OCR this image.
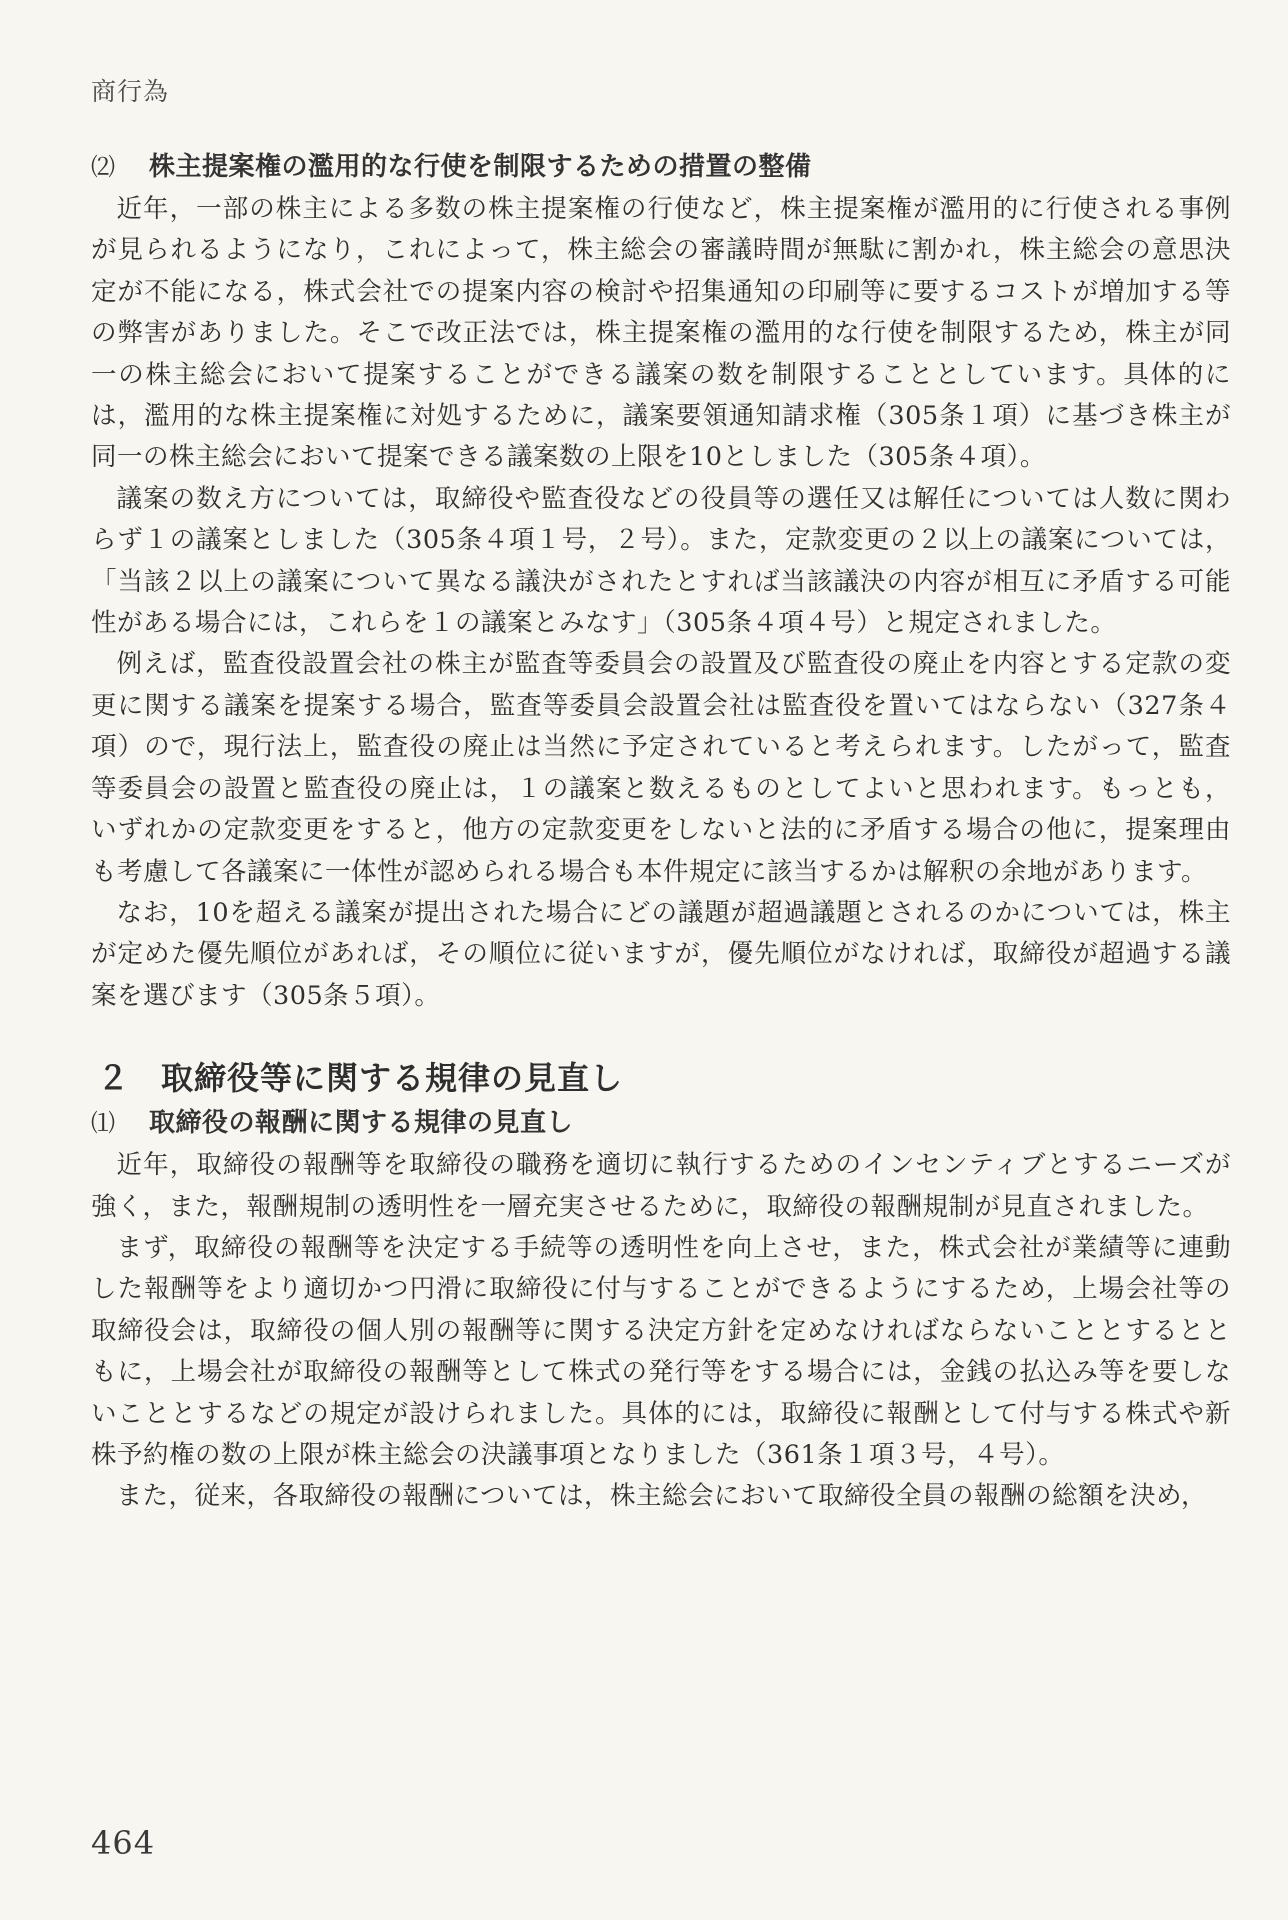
商行為
⑵ 株主提案権の濫用的な行使を制限するための措置の整備

近年，一部の株主による多数の株主提案権の行使など，株主提案権が濫用的に行使される事例が見られるようになり，これによって，株主総会の審議時間が無駄に割かれ，株主総会の意思決定が不能になる，株式会社での提案内容の検討や招集通知の印刷等に要するコストが増加する等の弊害がありました。そこで改正法では，株主提案権の濫用的な行使を制限するため，株主が同一の株主総会において提案することができる議案の数を制限することとしています。具体的には，濫用的な株主提案権に対処するために，議案要領通知請求権（305条１項）に基づき株主が同一の株主総会において提案できる議案数の上限を10としました（305条４項）。

議案の数え方については，取締役や監査役などの役員等の選任又は解任については人数に関わらず１の議案としました（305条４項１号，２号）。また，定款変更の２以上の議案については，「当該２以上の議案について異なる議決がされたとすれば当該議決の内容が相互に矛盾する可能性がある場合には，これらを１の議案とみなす」（305条４項４号）と規定されました。

例えば，監査役設置会社の株主が監査等委員会の設置及び監査役の廃止を内容とする定款の変更に関する議案を提案する場合，監査等委員会設置会社は監査役を置いてはならない（327条４項）ので，現行法上，監査役の廃止は当然に予定されていると考えられます。したがって，監査等委員会の設置と監査役の廃止は，１の議案と数えるものとしてよいと思われます。もっとも，いずれかの定款変更をすると，他方の定款変更をしないと法的に矛盾する場合の他に，提案理由も考慮して各議案に一体性が認められる場合も本件規定に該当するかは解釈の余地があります。

なお，10を超える議案が提出された場合にどの議題が超過議題とされるのかについては，株主が定めた優先順位があれば，その順位に従いますが，優先順位がなければ，取締役が超過する議案を選びます（305条５項）。

２ 取締役等に関する規律の見直し
⑴ 取締役の報酬に関する規律の見直し

近年，取締役の報酬等を取締役の職務を適切に執行するためのインセンティブとするニーズが強く，また，報酬規制の透明性を一層充実させるために，取締役の報酬規制が見直されました。

まず，取締役の報酬等を決定する手続等の透明性を向上させ，また，株式会社が業績等に連動した報酬等をより適切かつ円滑に取締役に付与することができるようにするため，上場会社等の取締役会は，取締役の個人別の報酬等に関する決定方針を定めなければならないこととするとともに，上場会社が取締役の報酬等として株式の発行等をする場合には，金銭の払込み等を要しないこととするなどの規定が設けられました。具体的には，取締役に報酬として付与する株式や新株予約権の数の上限が株主総会の決議事項となりました（361条１項３号，４号）。

また，従来，各取締役の報酬については，株主総会において取締役全員の報酬の総額を決め，

464
